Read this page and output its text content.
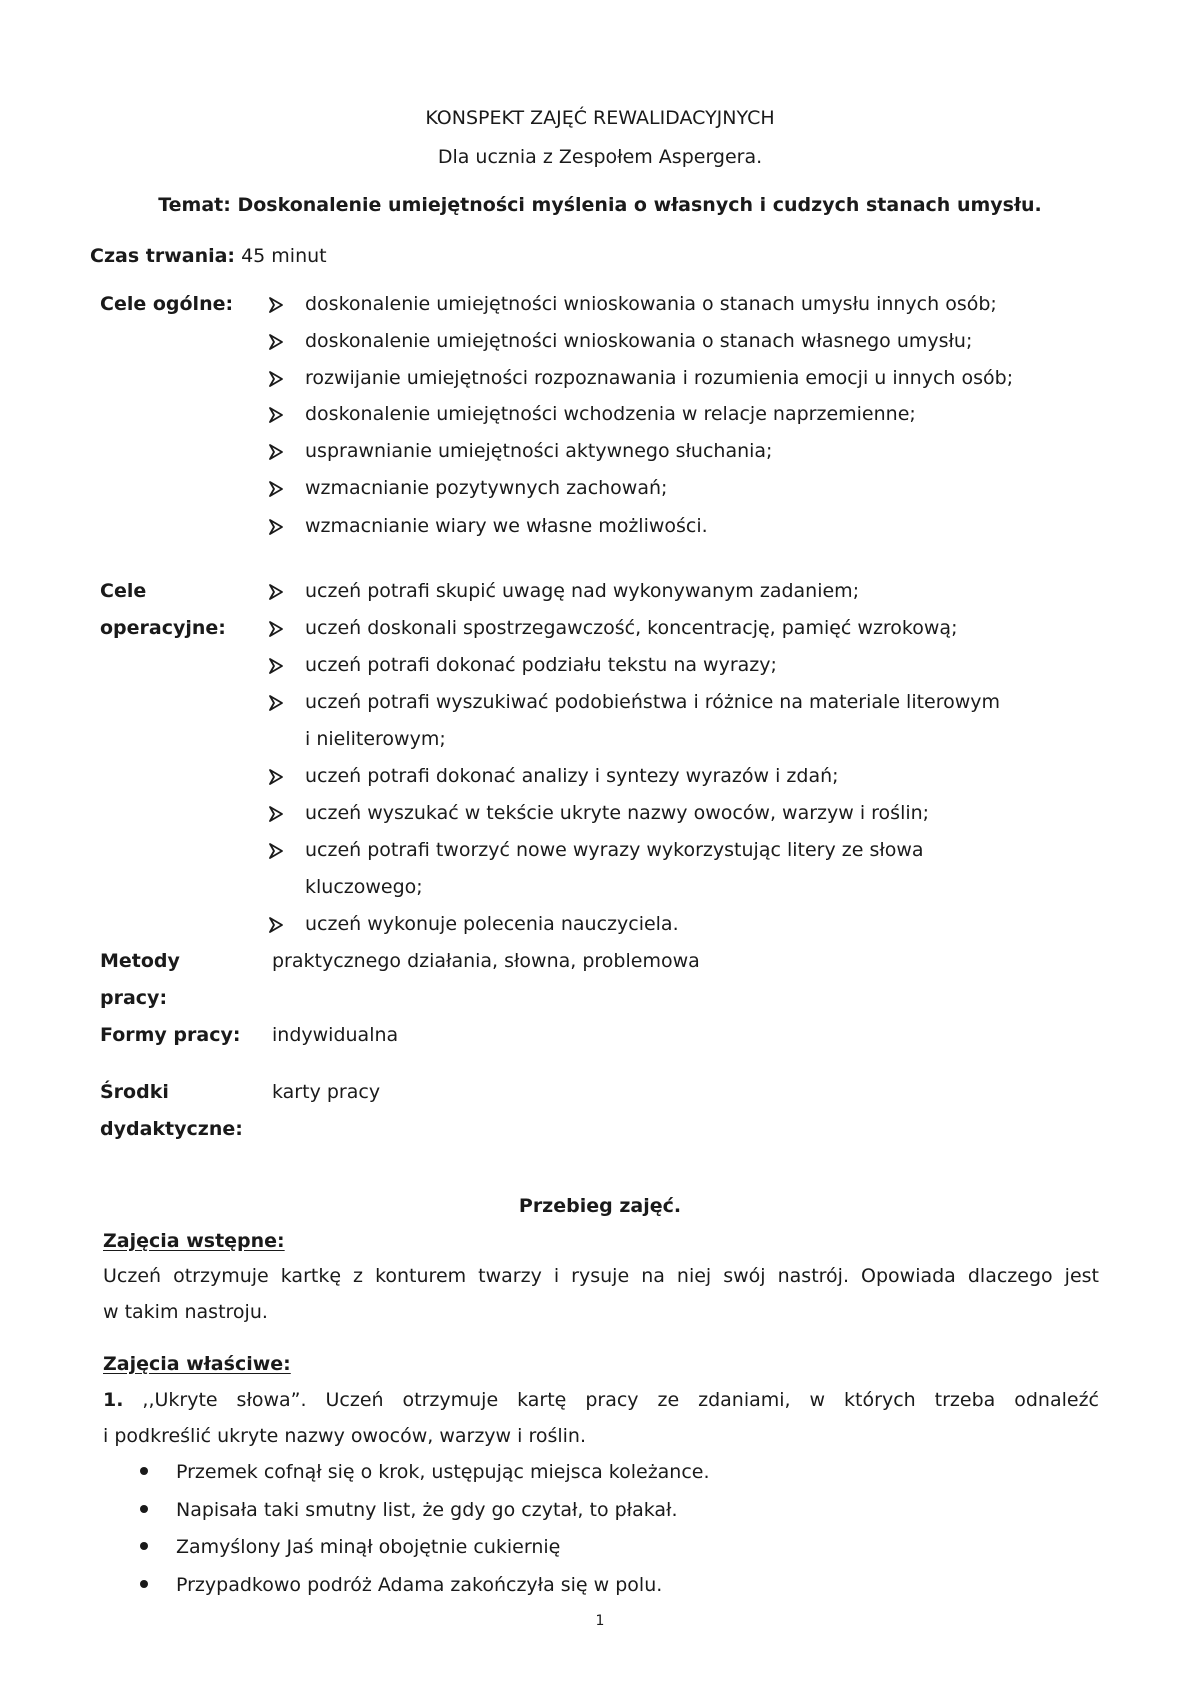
KONSPEKT ZAJĘĆ REWALIDACYJNYCH
Dla ucznia z Zespołem Aspergera.
Temat: Doskonalenie umiejętności myślenia o własnych i cudzych stanach umysłu.
Czas trwania: 45 minut
Cele ogólne:	doskonalenie umiejętności wnioskowania o stanach umysłu innych osób;
doskonalenie umiejętności wnioskowania o stanach własnego umysłu;
rozwijanie umiejętności rozpoznawania i rozumienia emocji u innych osób;
doskonalenie umiejętności wchodzenia w relacje naprzemienne;
usprawnianie umiejętności aktywnego słuchania;
wzmacnianie pozytywnych zachowań;
wzmacnianie wiary we własne możliwości.
Cele
operacyjne:
uczeń potrafi skupić uwagę nad wykonywanym zadaniem;
uczeń doskonali spostrzegawczość, koncentrację, pamięć wzrokową;
uczeń potrafi dokonać podziału tekstu na wyrazy;
uczeń potrafi wyszukiwać podobieństwa i różnice na materiale literowym
i nieliterowym;
uczeń potrafi dokonać analizy i syntezy wyrazów i zdań;
uczeń wyszukać w tekście ukryte nazwy owoców, warzyw i roślin;
uczeń potrafi tworzyć nowe wyrazy wykorzystując litery ze słowa
kluczowego;
uczeń wykonuje polecenia nauczyciela.
Metody
pracy:
praktycznego działania, słowna, problemowa
Formy pracy: indywidualna
Środki
dydaktyczne:
karty pracy
Przebieg zajęć.
Zajęcia wstępne:
Uczeń otrzymuje kartkę z konturem twarzy i rysuje na niej swój nastrój. Opowiada dlaczego jest
w takim nastroju.
Zajęcia właściwe:
1. ,,Ukryte słowa”. Uczeń otrzymuje kartę pracy ze zdaniami, w których trzeba odnaleźć
i podkreślić ukryte nazwy owoców, warzyw i roślin.
Przemek cofnął się o krok, ustępując miejsca koleżance.
Napisała taki smutny list, że gdy go czytał, to płakał.
Zamyślony Jaś minął obojętnie cukiernię
Przypadkowo podróż Adama zakończyła się w polu.
1
